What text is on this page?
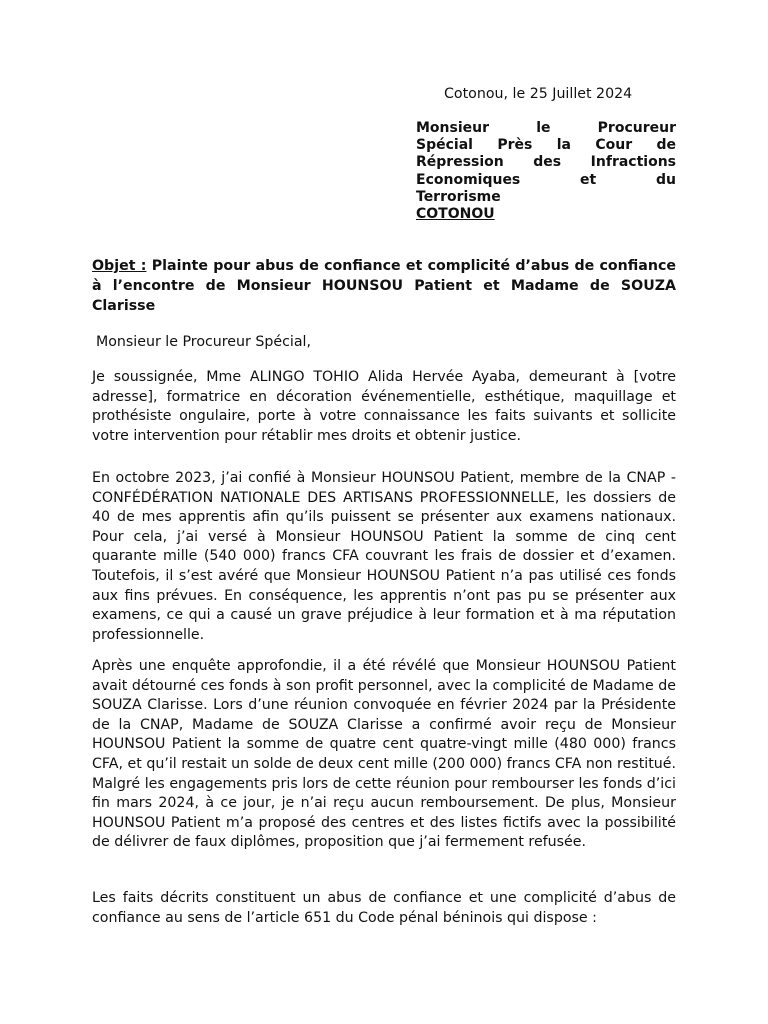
Cotonou, le 25 Juillet 2024
Monsieur le Procureur
Spécial Près la Cour de
Répression des Infractions
Economiques et du
Terrorisme
COTONOU
Objet : Plainte pour abus de confiance et complicité d’abus de confiance à l’encontre de Monsieur HOUNSOU Patient et Madame de SOUZA Clarisse
Monsieur le Procureur Spécial,

Je soussignée, Mme ALINGO TOHIO Alida Hervée Ayaba, demeurant à [votre adresse], formatrice en décoration événementielle, esthétique, maquillage et prothésiste ongulaire, porte à votre connaissance les faits suivants et sollicite votre intervention pour rétablir mes droits et obtenir justice.

En octobre 2023, j’ai confié à Monsieur HOUNSOU Patient, membre de la CNAP - CONFÉDÉRATION NATIONALE DES ARTISANS PROFESSIONNELLE, les dossiers de 40 de mes apprentis afin qu’ils puissent se présenter aux examens nationaux. Pour cela, j’ai versé à Monsieur HOUNSOU Patient la somme de cinq cent quarante mille (540 000) francs CFA couvrant les frais de dossier et d’examen. Toutefois, il s’est avéré que Monsieur HOUNSOU Patient n’a pas utilisé ces fonds aux fins prévues. En conséquence, les apprentis n’ont pas pu se présenter aux examens, ce qui a causé un grave préjudice à leur formation et à ma réputation professionnelle.

Après une enquête approfondie, il a été révélé que Monsieur HOUNSOU Patient avait détourné ces fonds à son profit personnel, avec la complicité de Madame de SOUZA Clarisse. Lors d’une réunion convoquée en février 2024 par la Présidente de la CNAP, Madame de SOUZA Clarisse a confirmé avoir reçu de Monsieur HOUNSOU Patient la somme de quatre cent quatre-vingt mille (480 000) francs CFA, et qu’il restait un solde de deux cent mille (200 000) francs CFA non restitué. Malgré les engagements pris lors de cette réunion pour rembourser les fonds d’ici fin mars 2024, à ce jour, je n’ai reçu aucun remboursement. De plus, Monsieur HOUNSOU Patient m’a proposé des centres et des listes fictifs avec la possibilité de délivrer de faux diplômes, proposition que j’ai fermement refusée.

Les faits décrits constituent un abus de confiance et une complicité d’abus de confiance au sens de l’article 651 du Code pénal béninois qui dispose :
